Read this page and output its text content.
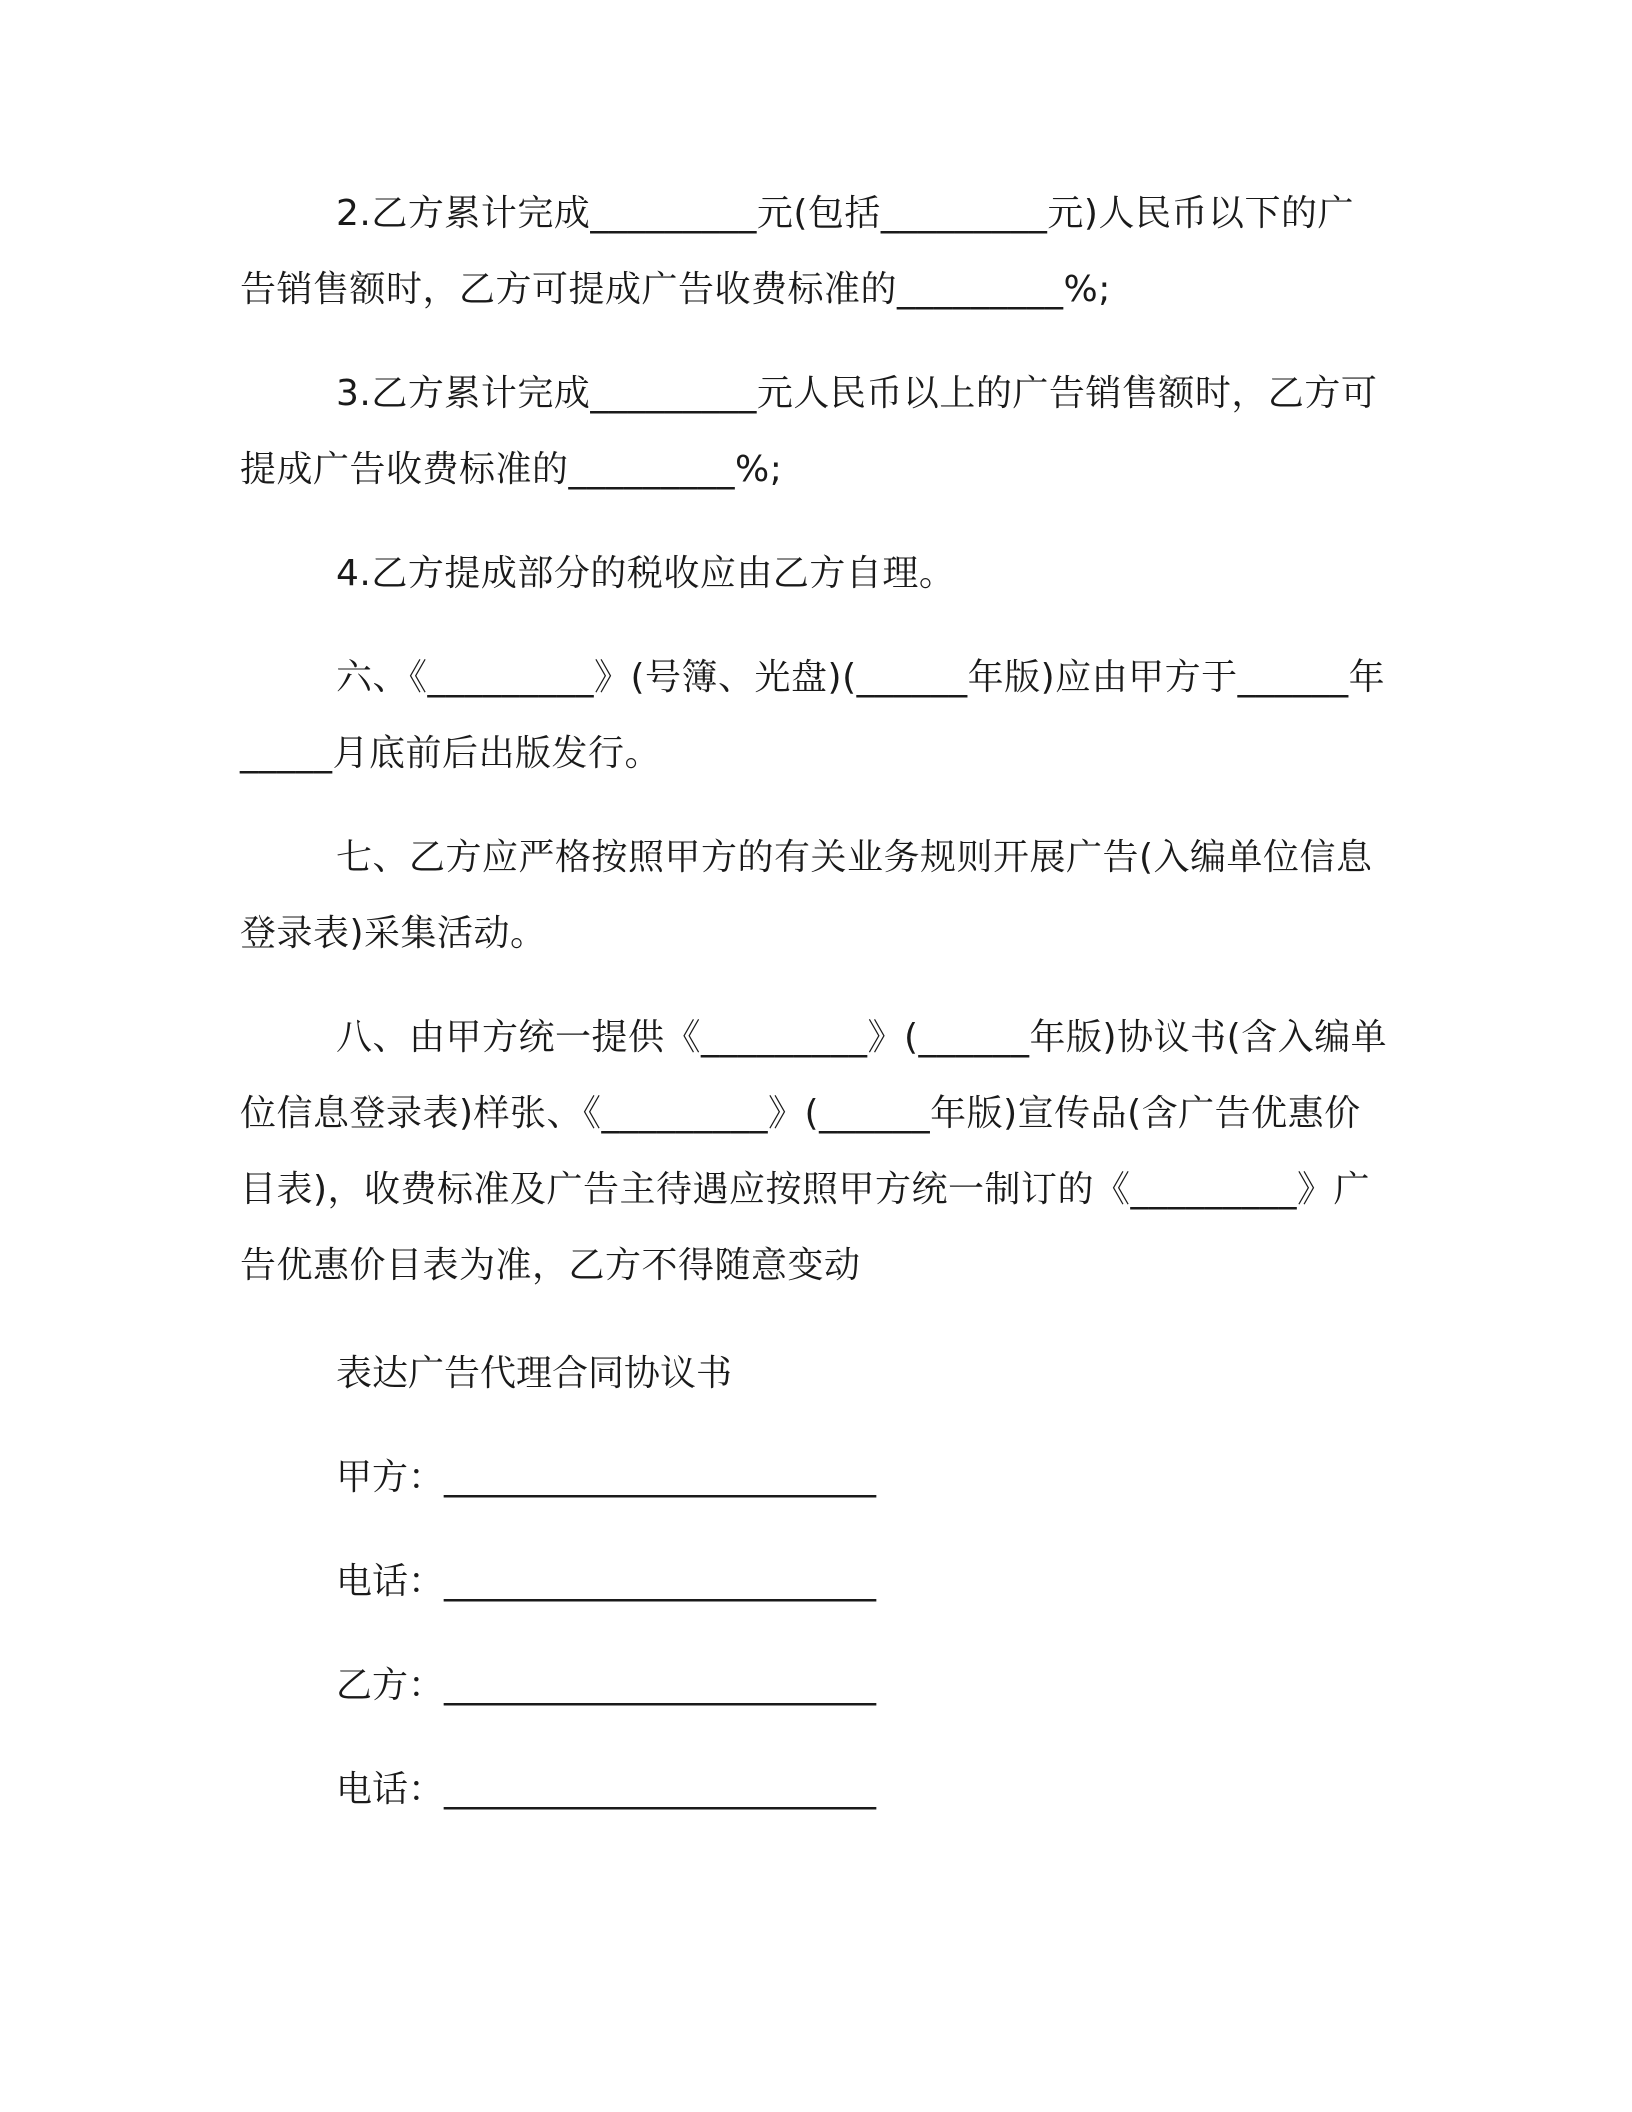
2.乙方累计完成_________元(包括_________元)人民币以下的广告销售额时，乙方可提成广告收费标准的_________%;

3.乙方累计完成_________元人民币以上的广告销售额时，乙方可提成广告收费标准的_________%;

4.乙方提成部分的税收应由乙方自理。

六、《_________》(号簿、光盘)(______年版)应由甲方于______年_____月底前后出版发行。

七、乙方应严格按照甲方的有关业务规则开展广告(入编单位信息登录表)采集活动。

八、由甲方统一提供《_________》(______年版)协议书(含入编单位信息登录表)样张、《_________》(______年版)宣传品(含广告优惠价目表)，收费标准及广告主待遇应按照甲方统一制订的《_________》广告优惠价目表为准，乙方不得随意变动

表达广告代理合同协议书
甲方：________________________
电话：________________________
乙方：________________________
电话：________________________
